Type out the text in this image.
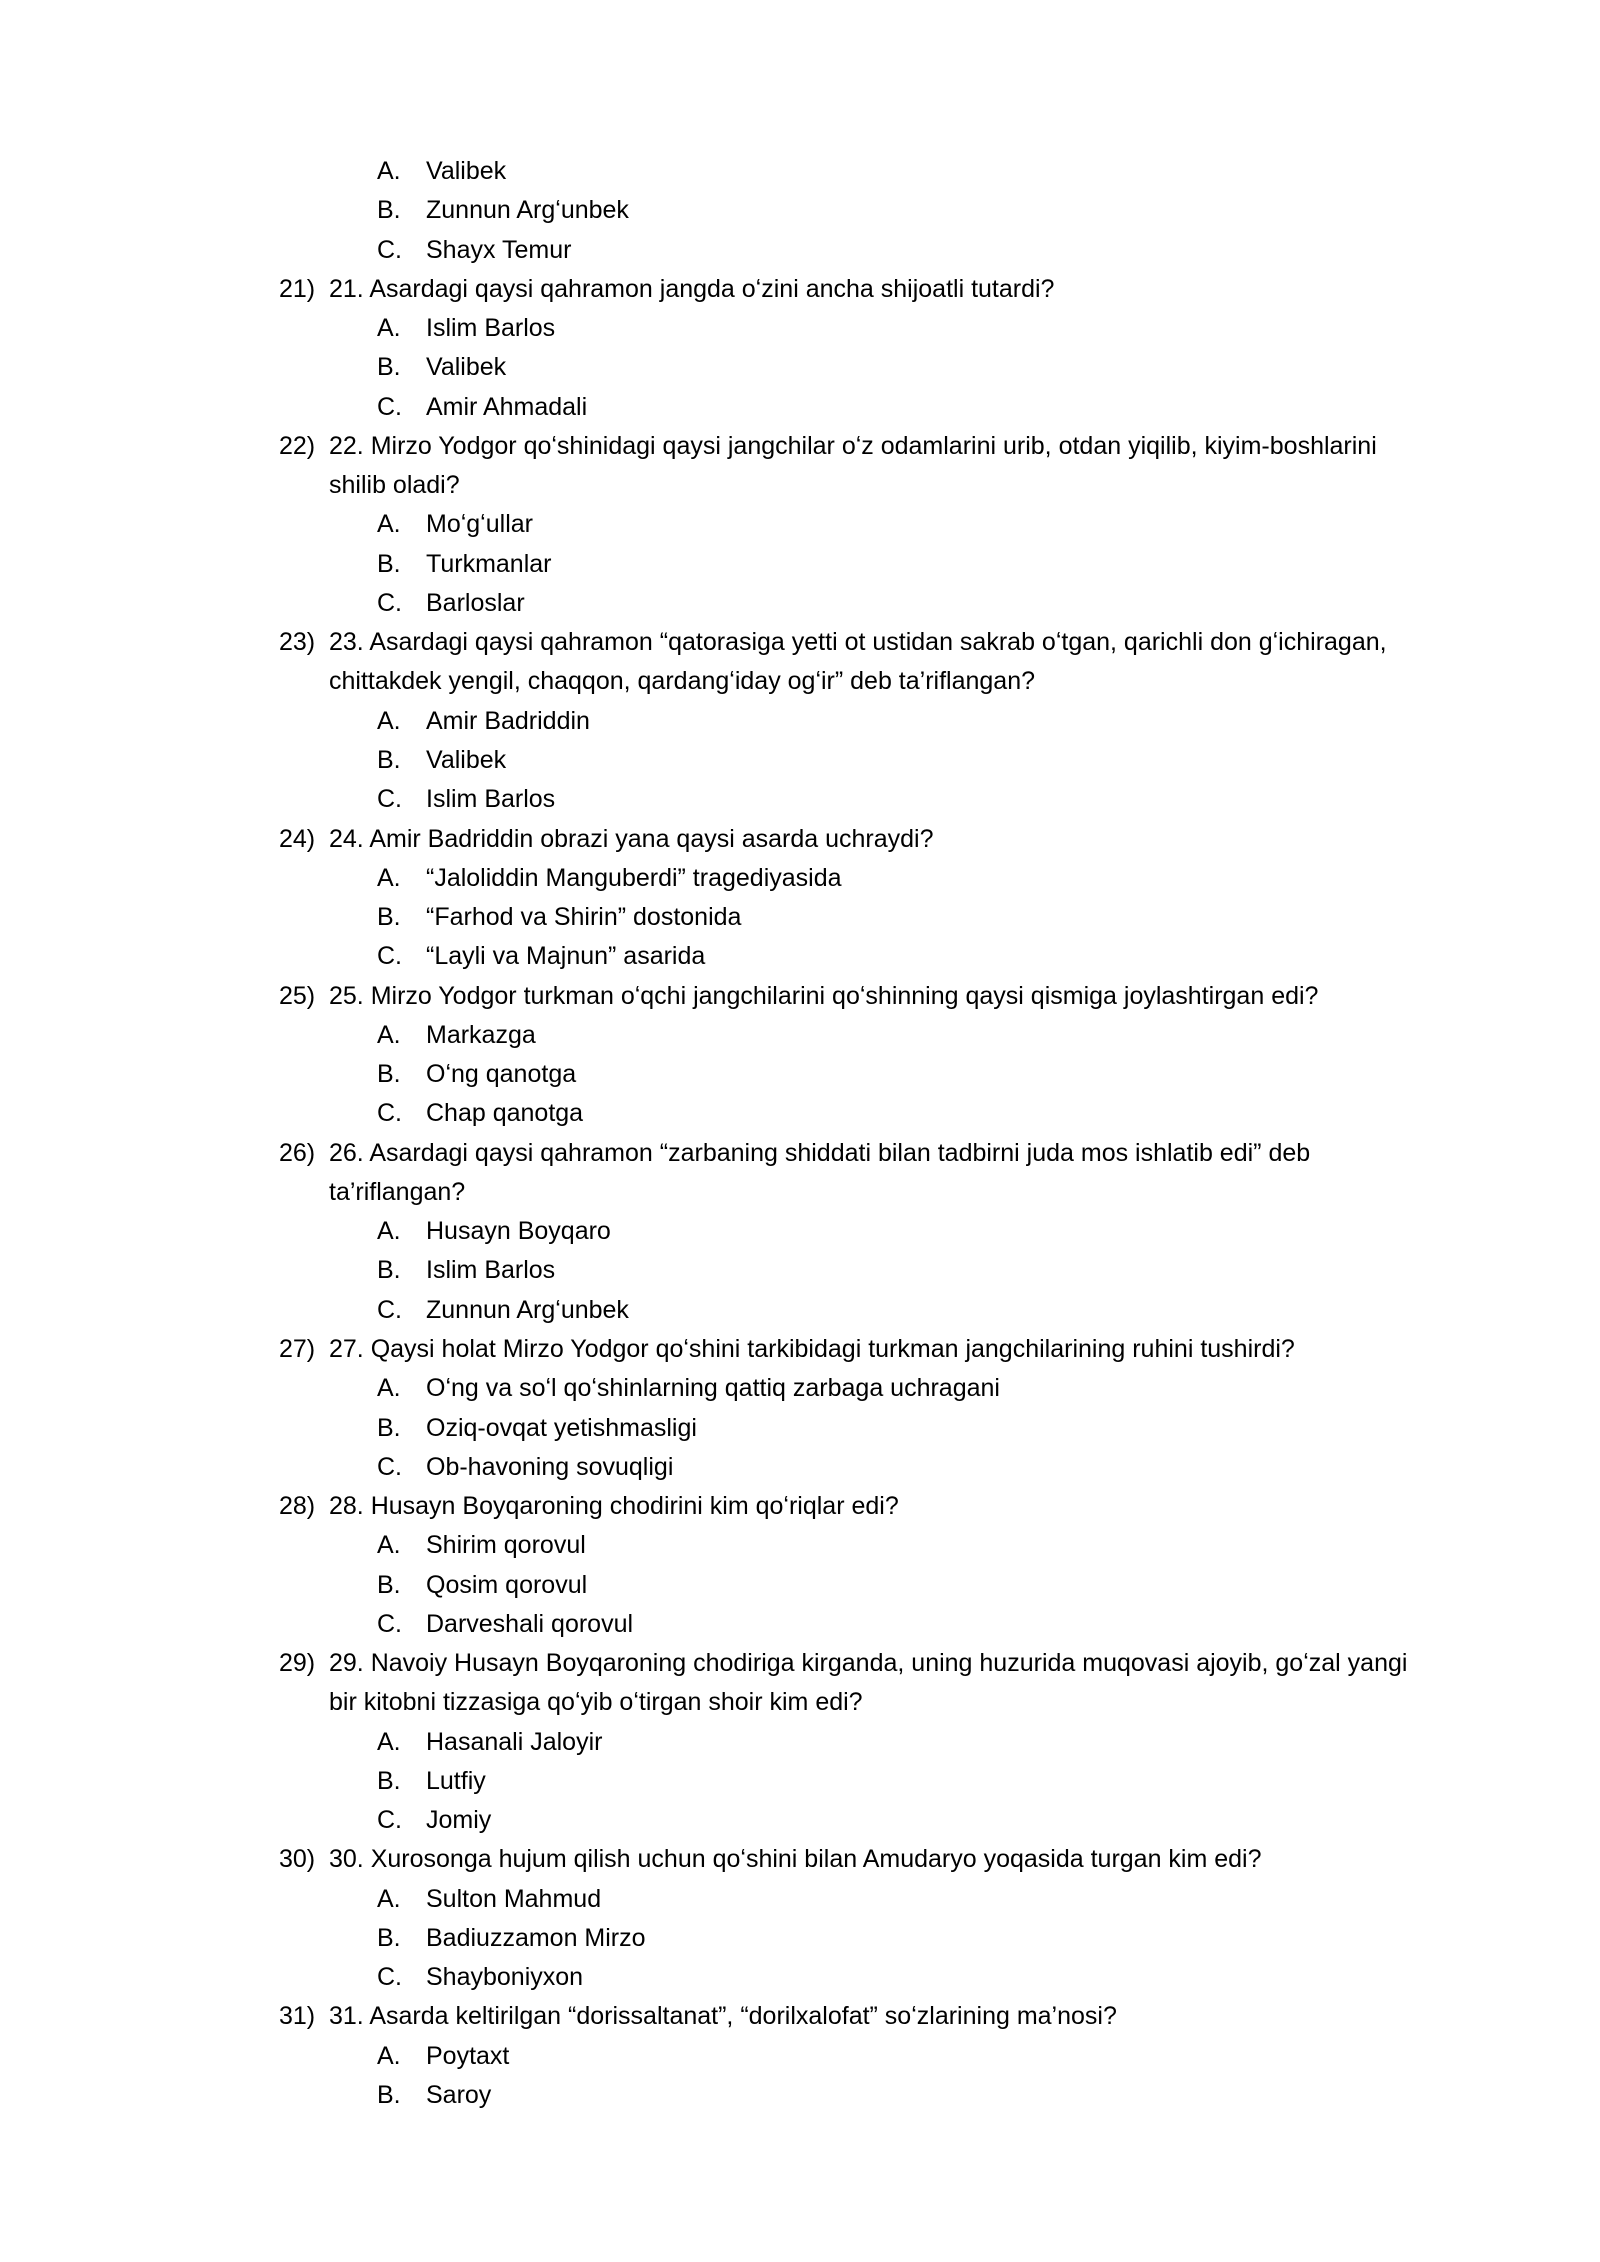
A. Valibek
B. Zunnun Argʻunbek
C. Shayx Temur
21) 21. Asardagi qaysi qahramon jangda oʻzini ancha shijoatli tutardi?
A. Islim Barlos
B. Valibek
C. Amir Ahmadali
22) 22. Mirzo Yodgor qoʻshinidagi qaysi jangchilar oʻz odamlarini urib, otdan yiqilib, kiyim-boshlarini
shilib oladi?
A. Moʻgʻullar
B. Turkmanlar
C. Barloslar
23) 23. Asardagi qaysi qahramon “qatorasiga yetti ot ustidan sakrab oʻtgan, qarichli don gʻichiragan,
chittakdek yengil, chaqqon, qardangʻiday ogʻir” deb ta’riflangan?
A. Amir Badriddin
B. Valibek
C. Islim Barlos
24) 24. Amir Badriddin obrazi yana qaysi asarda uchraydi?
A. “Jaloliddin Manguberdi” tragediyasida
B. “Farhod va Shirin” dostonida
C. “Layli va Majnun” asarida
25) 25. Mirzo Yodgor turkman oʻqchi jangchilarini qoʻshinning qaysi qismiga joylashtirgan edi?
A. Markazga
B. Oʻng qanotga
C. Chap qanotga
26) 26. Asardagi qaysi qahramon “zarbaning shiddati bilan tadbirni juda mos ishlatib edi” deb
ta’riflangan?
A. Husayn Boyqaro
B. Islim Barlos
C. Zunnun Argʻunbek
27) 27. Qaysi holat Mirzo Yodgor qoʻshini tarkibidagi turkman jangchilarining ruhini tushirdi?
A. Oʻng va soʻl qoʻshinlarning qattiq zarbaga uchragani
B. Oziq-ovqat yetishmasligi
C. Ob-havoning sovuqligi
28) 28. Husayn Boyqaroning chodirini kim qoʻriqlar edi?
A. Shirim qorovul
B. Qosim qorovul
C. Darveshali qorovul
29) 29. Navoiy Husayn Boyqaroning chodiriga kirganda, uning huzurida muqovasi ajoyib, goʻzal yangi
bir kitobni tizzasiga qoʻyib oʻtirgan shoir kim edi?
A. Hasanali Jaloyir
B. Lutfiy
C. Jomiy
30) 30. Xurosonga hujum qilish uchun qoʻshini bilan Amudaryo yoqasida turgan kim edi?
A. Sulton Mahmud
B. Badiuzzamon Mirzo
C. Shayboniyxon
31) 31. Asarda keltirilgan “dorissaltanat”, “dorilxalofat” soʻzlarining ma’nosi?
A. Poytaxt
B. Saroy
